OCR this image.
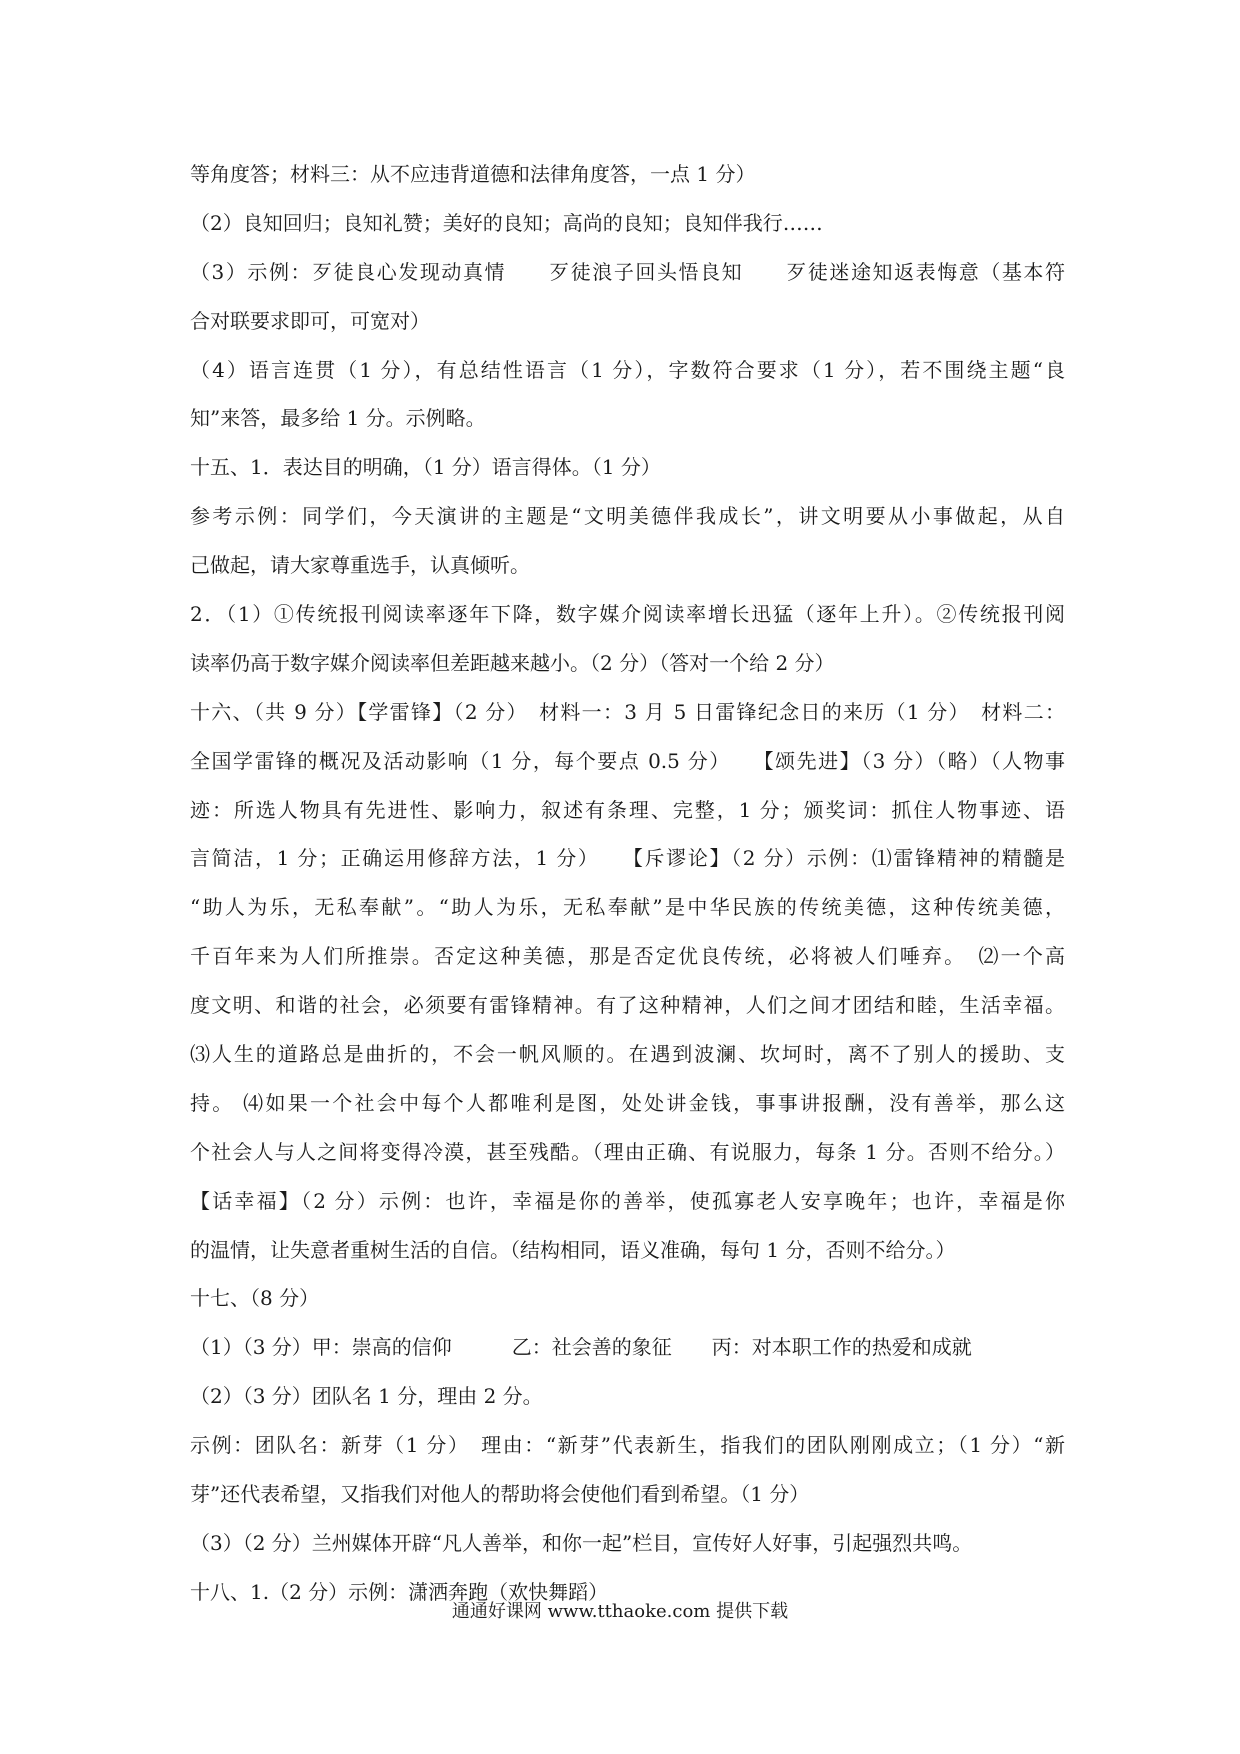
等角度答；材料三：从不应违背道德和法律角度答，一点 1 分）
（2）良知回归；良知礼赞；美好的良知；高尚的良知；良知伴我行……
（3）示例：歹徒良心发现动真情　　歹徒浪子回头悟良知　　歹徒迷途知返表悔意（基本符
合对联要求即可，可宽对）
（4）语言连贯（1 分），有总结性语言（1 分），字数符合要求（1 分），若不围绕主题“良
知”来答，最多给 1 分。示例略。
十五、1．表达目的明确，（1 分）语言得体。（1 分）
参考示例：同学们，今天演讲的主题是“文明美德伴我成长”，讲文明要从小事做起，从自
己做起，请大家尊重选手，认真倾听。
2．（1）①传统报刊阅读率逐年下降，数字媒介阅读率增长迅猛（逐年上升）。②传统报刊阅
读率仍高于数字媒介阅读率但差距越来越小。（2 分）（答对一个给 2 分）
十六、（共 9 分）【学雷锋】（2 分）　材料一：3 月 5 日雷锋纪念日的来历（1 分）　材料二：
全国学雷锋的概况及活动影响（1 分，每个要点 0.5 分）　　【颂先进】（3 分）（略）（人物事
迹：所选人物具有先进性、影响力，叙述有条理、完整，1 分；颁奖词：抓住人物事迹、语
言简洁，1 分；正确运用修辞方法，1 分）　　【斥谬论】（2 分）示例：⑴雷锋精神的精髓是
“助人为乐，无私奉献”。“助人为乐，无私奉献”是中华民族的传统美德，这种传统美德，
千百年来为人们所推崇。否定这种美德，那是否定优良传统，必将被人们唾弃。　⑵一个高
度文明、和谐的社会，必须要有雷锋精神。有了这种精神，人们之间才团结和睦，生活幸福。
⑶人生的道路总是曲折的，不会一帆风顺的。在遇到波澜、坎坷时，离不了别人的援助、支
持。 ⑷如果一个社会中每个人都唯利是图，处处讲金钱，事事讲报酬，没有善举，那么这
个社会人与人之间将变得冷漠，甚至残酷。（理由正确、有说服力，每条 1 分。否则不给分。）
【话幸福】（2 分）示例：也许，幸福是你的善举，使孤寡老人安享晚年；也许，幸福是你
的温情，让失意者重树生活的自信。（结构相同，语义准确，每句 1 分，否则不给分。）
十七、（8 分）
（1）（3 分）甲：崇高的信仰　　　乙：社会善的象征　　丙：对本职工作的热爱和成就
（2）（3 分）团队名 1 分，理由 2 分。
示例：团队名：新芽（1 分）　理由：“新芽”代表新生，指我们的团队刚刚成立；（1 分）“新
芽”还代表希望，又指我们对他人的帮助将会使他们看到希望。（1 分）
（3）（2 分）兰州媒体开辟“凡人善举，和你一起”栏目，宣传好人好事，引起强烈共鸣。
十八、1.（2 分）示例：潇洒奔跑（欢快舞蹈）
通通好课网 www.tthaoke.com 提供下载
